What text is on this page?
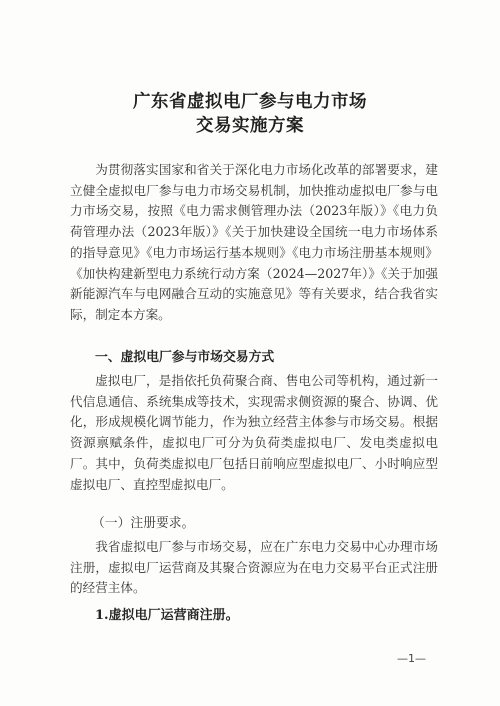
广东省虚拟电厂参与电力市场
交易实施方案

为贯彻落实国家和省关于深化电力市场化改革的部署要求，建立健全虚拟电厂参与电力市场交易机制，加快推动虚拟电厂参与电力市场交易，按照《电力需求侧管理办法（2023年版）》《电力负荷管理办法（2023年版）》《关于加快建设全国统一电力市场体系的指导意见》《电力市场运行基本规则》《电力市场注册基本规则》《加快构建新型电力系统行动方案（2024—2027年）》《关于加强新能源汽车与电网融合互动的实施意见》等有关要求，结合我省实际，制定本方案。

一、虚拟电厂参与市场交易方式

虚拟电厂，是指依托负荷聚合商、售电公司等机构，通过新一代信息通信、系统集成等技术，实现需求侧资源的聚合、协调、优化，形成规模化调节能力，作为独立经营主体参与市场交易。根据资源禀赋条件，虚拟电厂可分为负荷类虚拟电厂、发电类虚拟电厂。其中，负荷类虚拟电厂包括日前响应型虚拟电厂、小时响应型虚拟电厂、直控型虚拟电厂。

（一）注册要求。

我省虚拟电厂参与市场交易，应在广东电力交易中心办理市场注册，虚拟电厂运营商及其聚合资源应为在电力交易平台正式注册的经营主体。

1.虚拟电厂运营商注册。
—1—
